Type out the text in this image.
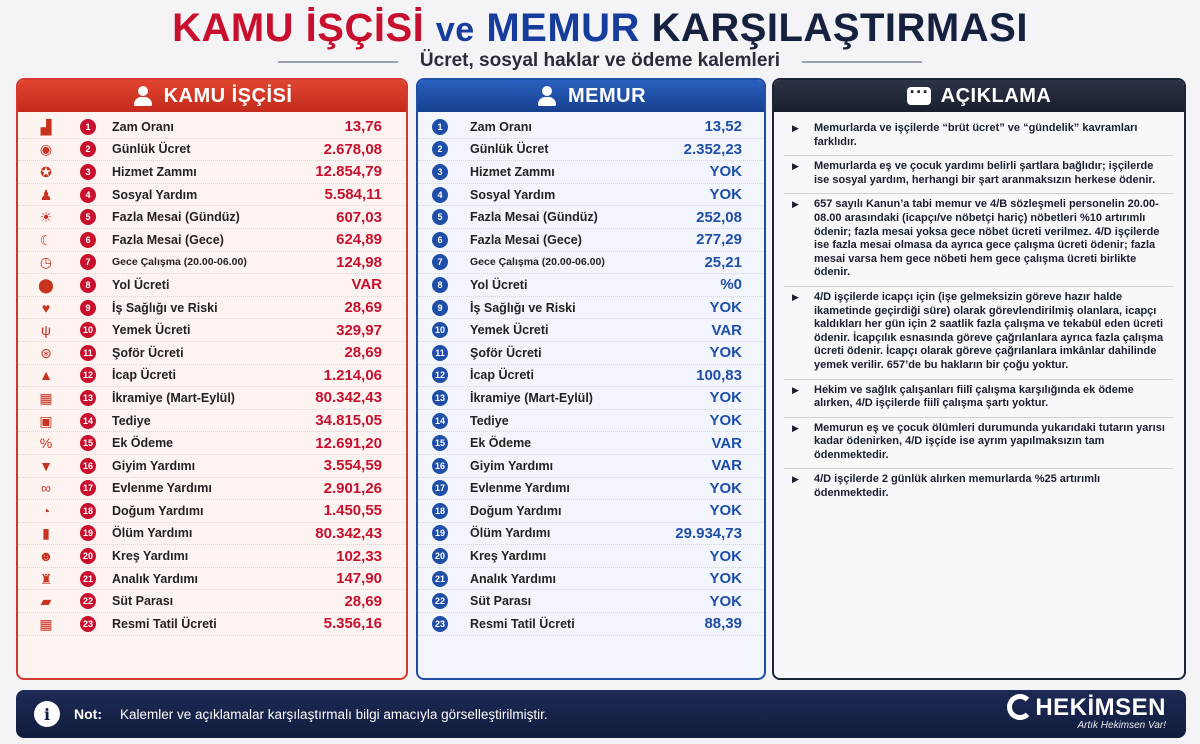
KAMU İŞÇİSİ ve MEMUR KARŞILAŞTIRMASI
Ücret, sosyal haklar ve ödeme kalemleri
KAMU İŞÇİSİ
▟	1	Zam Oranı	13,76
◉	2	Günlük Ücret	2.678,08
✪	3	Hizmet Zammı	12.854,79
♟	4	Sosyal Yardım	5.584,11
☀	5	Fazla Mesai (Gündüz)	607,03
☾	6	Fazla Mesai (Gece)	624,89
◷	7	Gece Çalışma (20.00-06.00)	124,98
⬤	8	Yol Ücreti	VAR
♥	9	İş Sağlığı ve Riski	28,69
ψ	10 Yemek Ücreti	329,97
⊛	11 Şoför Ücreti	28,69
▲	12 İcap Ücreti	1.214,06
▦	13 İkramiye (Mart-Eylül)	80.342,43
▣	14 Tediye	34.815,05
%	15 Ek Ödeme	12.691,20
▼	16 Giyim Yardımı	3.554,59
∞	17 Evlenme Yardımı	2.901,26
◔	18 Doğum Yardımı	1.450,55
▮	19 Ölüm Yardımı	80.342,43
☻	20 Kreş Yardımı	102,33
♜	21 Analık Yardımı	147,90
▰	22 Süt Parası	28,69
▦	23 Resmi Tatil Ücreti	5.356,16
MEMUR
1	Zam Oranı	13,52
2	Günlük Ücret	2.352,23
3	Hizmet Zammı	YOK
4	Sosyal Yardım	YOK
5	Fazla Mesai (Gündüz)	252,08
6	Fazla Mesai (Gece)	277,29
7	Gece Çalışma (20.00-06.00)	25,21
8	Yol Ücreti	%0
9	İş Sağlığı ve Riski	YOK
10 Yemek Ücreti	VAR
11 Şoför Ücreti	YOK
12 İcap Ücreti	100,83
13 İkramiye (Mart-Eylül)	YOK
14 Tediye	YOK
15 Ek Ödeme	VAR
16 Giyim Yardımı	VAR
17 Evlenme Yardımı	YOK
18 Doğum Yardımı	YOK
19 Ölüm Yardımı	29.934,73
20 Kreş Yardımı	YOK
21 Analık Yardımı	YOK
22 Süt Parası	YOK
23 Resmi Tatil Ücreti	88,39
···
AÇIKLAMA
▶ Memurlarda ve işçilerde “brüt ücret” ve “gündelik” kavramları farklıdır.
▶ Memurlarda eş ve çocuk yardımı belirli şartlara bağlıdır; işçilerde ise sosyal yardım, herhangi bir şart aranmaksızın herkese ödenir.
▶ 657 sayılı Kanun’a tabi memur ve 4/B sözleşmeli personelin 20.00-08.00 arasındaki (icapçı/ve nöbetçi hariç) nöbetleri %10 artırımlı ödenir; fazla mesai yoksa gece nöbet ücreti verilmez. 4/D işçilerde ise fazla mesai olmasa da ayrıca gece çalışma ücreti ödenir; fazla mesai varsa hem gece nöbeti hem gece çalışma ücreti birlikte ödenir.
▶ 4/D işçilerde icapçı için (işe gelmeksizin göreve hazır halde ikametinde geçirdiği süre) olarak görevlendirilmiş olanlara, icapçı kaldıkları her gün için 2 saatlik fazla çalışma ve tekabül eden ücreti ödenir. İcapçılık esnasında göreve çağrılanlara ayrıca fazla çalışma ücreti ödenir. İcapçı olarak göreve çağrılanlara imkânlar dahilinde yemek verilir. 657’de bu hakların bir çoğu yoktur.
▶ Hekim ve sağlık çalışanları fiilî çalışma karşılığında ek ödeme alırken, 4/D işçilerde fiilî çalışma şartı yoktur.
▶ Memurun eş ve çocuk ölümleri durumunda yukarıdaki tutarın yarısı kadar ödenirken, 4/D işçide ise ayrım yapılmaksızın tam ödenmektedir.
▶ 4/D işçilerde 2 günlük alırken memurlarda %25 artırımlı ödenmektedir.
i	Not: Kalemler ve açıklamalar karşılaştırmalı bilgi amacıyla görselleştirilmiştir.	HEKİMSEN
Artık Hekimsen Var!
